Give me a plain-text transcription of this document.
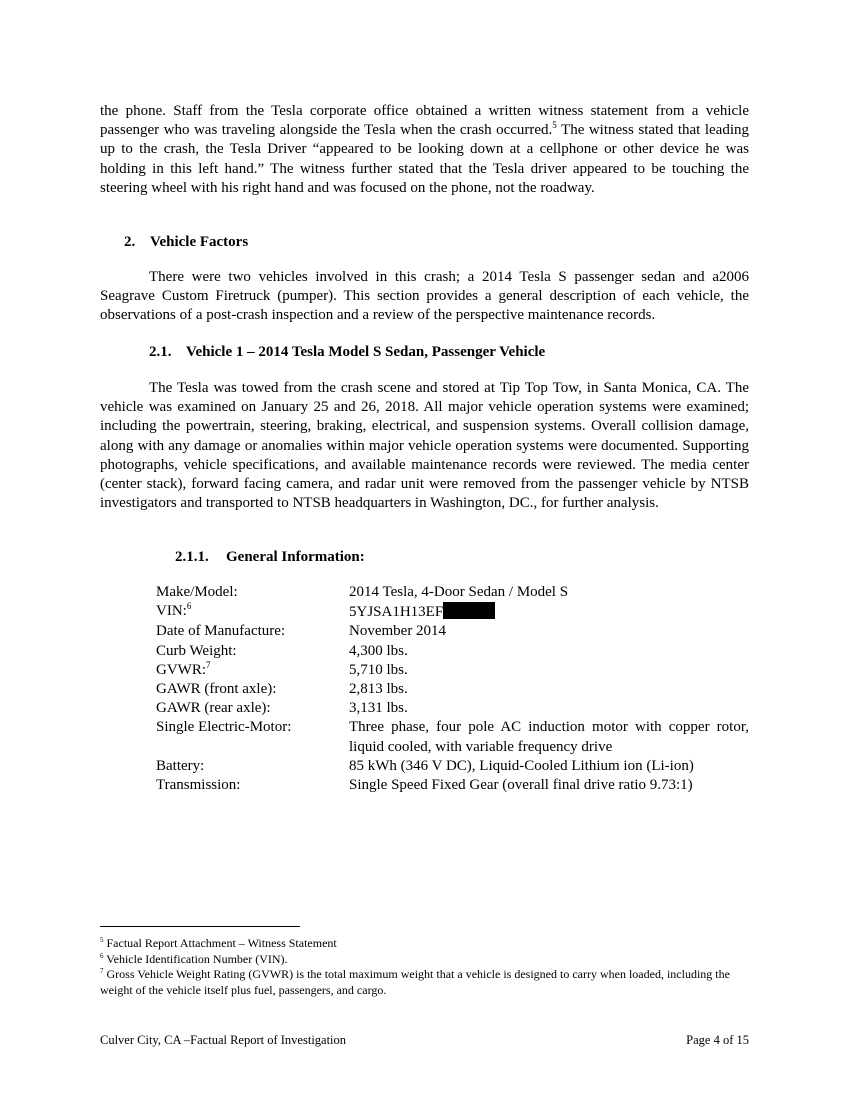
the phone. Staff from the Tesla corporate office obtained a written witness statement from a vehicle passenger who was traveling alongside the Tesla when the crash occurred.$^5$ The witness stated that leading up to the crash, the Tesla Driver “appeared to be looking down at a cellphone or other device he was holding in this left hand.” The witness further stated that the Tesla driver appeared to be touching the steering wheel with his right hand and was focused on the phone, not the roadway.

2. Vehicle Factors

There were two vehicles involved in this crash; a 2014 Tesla S passenger sedan and a2006 Seagrave Custom Firetruck (pumper). This section provides a general description of each vehicle, the observations of a post-crash inspection and a review of the perspective maintenance records.

2.1. Vehicle 1 – 2014 Tesla Model S Sedan, Passenger Vehicle

The Tesla was towed from the crash scene and stored at Tip Top Tow, in Santa Monica, CA. The vehicle was examined on January 25 and 26, 2018. All major vehicle operation systems were examined; including the powertrain, steering, braking, electrical, and suspension systems. Overall collision damage, along with any damage or anomalies within major vehicle operation systems were documented. Supporting photographs, vehicle specifications, and available maintenance records were reviewed. The media center (center stack), forward facing camera, and radar unit were removed from the passenger vehicle by NTSB investigators and transported to NTSB headquarters in Washington, DC., for further analysis.

2.1.1. General Information:
Make/Model:	2014 Tesla, 4-Door Sedan / Model S
VIN:$^6$	5YJSA1H13EF
Date of Manufacture:	November 2014
Curb Weight:	4,300 lbs.
GVWR:$^7$	5,710 lbs.
GAWR (front axle):	2,813 lbs.
GAWR (rear axle):	3,131 lbs.
Single Electric-Motor:	Three phase, four pole AC induction motor with copper rotor, liquid cooled, with variable frequency drive
Battery:	85 kWh (346 V DC), Liquid-Cooled Lithium ion (Li-ion)
Transmission:	Single Speed Fixed Gear (overall final drive ratio 9.73:1)
$^5$ Factual Report Attachment – Witness Statement
$^6$ Vehicle Identification Number (VIN).
$^7$ Gross Vehicle Weight Rating (GVWR) is the total maximum weight that a vehicle is designed to carry when loaded, including the weight of the vehicle itself plus fuel, passengers, and cargo.
Culver City, CA –Factual Report of Investigation	Page 4 of 15
